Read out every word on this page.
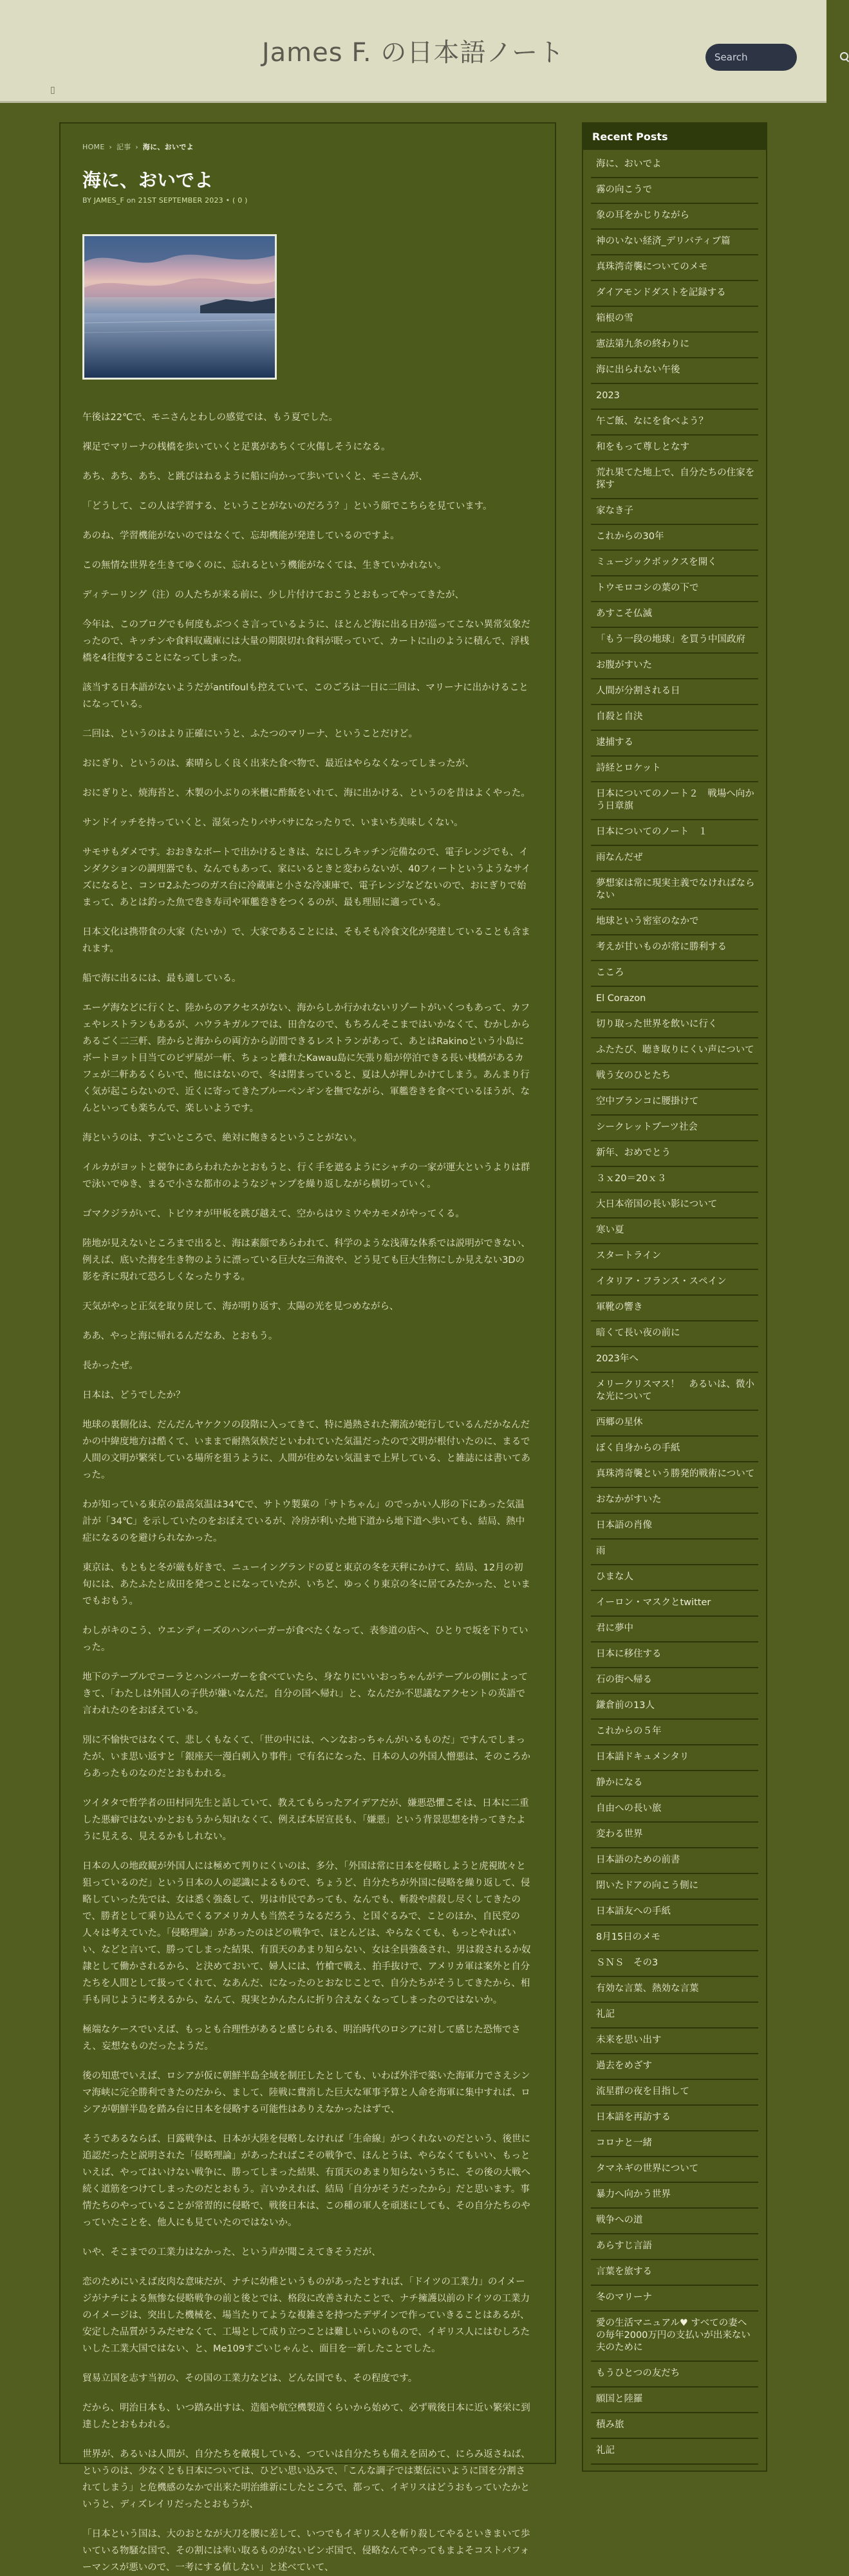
James F. の日本語ノート
Search
▯
HOME › 記事 › 海に、おいでよ
海に、おいでよ
BY JAMES_F on 21ST SEPTEMBER 2023 • ( 0 )

午後は22℃で、モニさんとわしの感覚では、もう夏でした。

裸足でマリーナの桟橋を歩いていくと足裏があちくて火傷しそうになる。

あち、あち、あち、と跳びはねるように船に向かって歩いていくと、モニさんが、

「どうして、この人は学習する、ということがないのだろう？」という顔でこちらを見ています。

あのね、学習機能がないのではなくて、忘却機能が発達しているのですよ。

この無情な世界を生きてゆくのに、忘れるという機能がなくては、生きていかれない。

ディテーリング（注）の人たちが来る前に、少し片付けておこうとおもってやってきたが、

今年は、このブログでも何度もぶつくさ言っているように、ほとんど海に出る日が巡ってこない異常気象だったので、キッチンや食料収蔵庫には大量の期限切れ食料が眠っていて、カートに山のように積んで、浮桟橋を4往復することになってしまった。

該当する日本語がないようだがantifoulも控えていて、このごろは一日に二回は、マリーナに出かけることになっている。

二回は、というのはより正確にいうと、ふたつのマリーナ、ということだけど。

おにぎり、というのは、素晴らしく良く出来た食べ物で、最近はやらなくなってしまったが、

おにぎりと、焼海苔と、木製の小ぶりの米櫃に酢飯をいれて、海に出かける、というのを昔はよくやった。

サンドイッチを持っていくと、湿気ったりパサパサになったりで、いまいち美味しくない。

サモサもダメです。おおきなボートで出かけるときは、なにしろキッチン完備なので、電子レンジでも、インダクションの調理器でも、なんでもあって、家にいるときと変わらないが、40フィートというようなサイズになると、コンロ2ふたつのガス台に冷蔵庫と小さな冷凍庫で、電子レンジなどないので、おにぎりで始まって、あとは釣った魚で巻き寿司や軍艦巻きをつくるのが、最も理屈に適っている。

日本文化は携帯食の大家（たいか）で、大家であることには、そもそも冷食文化が発達していることも含まれます。

船で海に出るには、最も適している。

エーゲ海などに行くと、陸からのアクセスがない、海からしか行かれないリゾートがいくつもあって、カフェやレストランもあるが、ハウラキガルフでは、田舎なので、もちろんそこまではいかなくて、むかしからあるごく二三軒、陸からと海からの両方から訪問できるレストランがあって、あとはRakinoという小島にボートヨット目当てのピザ屋が一軒、ちょっと離れたKawau島に矢張り船が停泊できる長い桟橋があるカフェが二軒あるくらいで、他にはないので、冬は閉まっていると、夏は人が押しかけてしまう。あんまり行く気が起こらないので、近くに寄ってきたブルーペンギンを撫でながら、軍艦巻きを食べているほうが、なんといっても楽ちんで、楽しいようです。

海というのは、すごいところで、絶対に飽きるということがない。

イルカがヨットと競争にあらわれたかとおもうと、行く手を遮るようにシャチの一家が運大というよりは群で泳いでゆき、まるで小さな都市のようなジャンプを繰り返しながら横切っていく。

ゴマクジラがいて、トビウオが甲板を跳び越えて、空からはウミウやカモメがやってくる。

陸地が見えないところまで出ると、海は素顔であらわれて、科学のような浅薄な体系では説明ができない、例えば、底いた海を生き物のように漂っている巨大な三角波や、どう見ても巨大生物にしか見えない3Dの影を斉に現れて恐ろしくなったりする。

天気がやっと正気を取り戻して、海が明り返す、太陽の光を見つめながら、

ああ、やっと海に帰れるんだなあ、とおもう。

長かったぜ。

日本は、どうでしたか？

地球の裏側化は、だんだんヤケクソの段階に入ってきて、特に過熱された潮流が蛇行しているんだかなんだかの中緯度地方は酷くて、いままで耐熱気候だといわれていた気温だったので文明が根付いたのに、まるで人間の文明が繁栄している場所を狙うように、人間が住めない気温まで上昇している、と雑誌には書いてあった。

わが知っている東京の最高気温は34℃で、サトウ製菓の「サトちゃん」のでっかい人形の下にあった気温計が「34℃」を示していたのをおぼえているが、冷房が利いた地下道から地下道へ歩いても、結局、熱中症になるのを避けられなかった。

東京は、もともと冬が厳も好きで、ニューイングランドの夏と東京の冬を天秤にかけて、結局、12月の初旬には、あたふたと成田を発つことになっていたが、いちど、ゆっくり東京の冬に居てみたかった、といまでもおもう。

わしがキのこう、ウエンディーズのハンバーガーが食べたくなって、表参道の店へ、ひとりで坂を下りていった。

地下のテーブルでコーラとハンバーガーを食べていたら、身なりにいいおっちゃんがテーブルの側によってきて、「わたしは外国人の子供が嫌いなんだ。自分の国へ帰れ」と、なんだか不思議なアクセントの英語で言われたのをおぼえている。

別に不愉快ではなくて、悲しくもなくて、「世の中には、ヘンなおっちゃんがいるものだ」ですんでしまったが、いま思い返すと「銀座天一漫白刺入り事件」で有名になった、日本の人の外国人憎悪は、そのころからあったものなのだとおもわれる。

ツイタタで哲学者の田村同先生と話していて、教えてもらったアイデアだが、嫌悪恐懼こそは、日本に二重した悪癖ではないかとおもうから知れなくて、例えば本居宣長も、「嫌悪」という背景思想を持ってきたように見える、見えるかもしれない。

日本の人の地政観が外国人には極めて判りにくいのは、多分、「外国は常に日本を侵略しようと虎視眈々と狙っているのだ」という日本の人の認識によるもので、ちょうど、自分たちが外国に侵略を繰り返して、侵略していった先では、女は悉く強姦して、男は市民であっても、なんでも、斬殺や虐殺し尽くしてきたので、勝者として乗り込んでくるアメリカ人も当然そうなるだろう、と国ぐるみで、ことのほか、自民党の人々は考えていた。「侵略理論」があったのはどの戦争で、ほとんどは、やらなくても、もっとやればいい、などと言いて、勝ってしまった結果、有頂天のあまり知らない、女は全員強姦され、男は殺されるか奴隷として働かされるから、と決めておいて、婦人には、竹槍で戦え、拍手抜けで、アメリカ軍は案外と自分たちを人間として扱ってくれて、なあんだ、になったのとおなじことで、自分たちがそうしてきたから、相手も同じように考えるから、なんて、現実とかんたんに折り合えなくなってしまったのではないか。

極端なケースでいえば、もっとも合理性があると感じられる、明治時代のロシアに対して感じた恐怖でさえ、妄想なものだったようだ。

後の知恵でいえば、ロシアが仮に朝鮮半島全域を制圧したとしても、いわば外洋で築いた海軍力でさえシンマ海峡に完全勝利できたのだから、まして、陸戦に費消した巨大な軍事予算と人命を海軍に集中すれば、ロシアが朝鮮半島を踏み台に日本を侵略する可能性はありえなかったはずで、

そうであるならば、日露戦争は、日本が大陸を侵略しなければ「生命線」がつくれないのだという、後世に追認だったと説明された「侵略理論」があったればこその戦争で、ほんとうは、やらなくてもいい、もっといえば、やってはいけない戦争に、勝ってしまった結果、有頂天のあまり知らないうちに、その後の大戦へ続く道筋をつけてしまったのだとおもう。言いかえれば、結局「自分がそうだったから」だと思います。事情たちのやっていることが常習的に侵略で、戦後日本は、この種の軍人を頑迷にしても、その自分たちのやっていたことを、他人にも見ていたのではないか。

いや、そこまでの工業力はなかった、という声が聞こえてきそうだが、

恋のためにいえば皮肉な意味だが、ナチに幼稚というものがあったとすれば、「ドイツの工業力」のイメージがナチによる無惨な侵略戦争の前と後とでは、格段に改善されたことで、ナチ擁護以前のドイツの工業力のイメージは、突出した機械を、場当たりてような複雑さを持つたデザインで作っていきることはあるが、安定した品質がうみだせなくて、工場として成り立つことは難しいらいのもので、イギリス人にはむしろたいした工業大国ではない、と、Me109すごいじゃんと、面目を一新したことでした。

貿易立国を志す当初の、その国の工業力などは、どんな国でも、その程度です。

だから、明治日本も、いつ踏み出すは、造船や航空機製造くらいから始めて、必ず戦後日本に近い繁栄に到達したとおもわれる。

世界が、あるいは人間が、自分たちを敵視している、つていは自分たちも備えを固めて、にらみ返さねば、というのは、少なくとも日本については、ひどい思い込みで、「こんな調子では薬伝にいように国を分割されてしまう」と危機感のなかで出来た明治維新にしたところで、都って、イギリスはどうおもっていたかというと、ディズレイリだったとおもうが、

「日本という国は、大のおとなが大刀を腰に差して、いつでもイギリス人を斬り殺してやるといきまいて歩いている物騒な国で、その割には率い取るものがないビンボ国で、侵略なんてやってもまよそコストパフォーマンスが悪いので、一考にする値しない」と述べていて、

Recent Posts
海に、おいでよ
霧の向こうで
象の耳をかじりながら
神のいない経済_デリバティブ篇
真珠湾奇襲についてのメモ
ダイアモンドダストを記録する
箱根の雪
憲法第九条の終わりに
海に出られない午後
2023
午ご飯、なにを食べよう？
和をもって尊しとなす
荒れ果てた地上で、自分たちの住家を探す
家なき子
これからの30年
ミュージックボックスを開く
トウモロコシの葉の下で
あすこそ仏滅
「もう一段の地球」を買う中国政府
お腹がすいた
人間が分割される日
自殺と自決
逮捕する
詩経とロケット
日本についてのノート２　戦場へ向かう日章旗
日本についてのノート　１
雨なんだぜ
夢想家は常に現実主義でなければならない
地球という密室のなかで
考えが甘いものが常に勝利する
こころ
El Corazon
切り取った世界を飲いに行く
ふたたび、聴き取りにくい声について
戦う女のひとたち
空中ブランコに腰掛けて
シークレットブーツ社会
新年、おめでとう
３ｘ20＝20ｘ３
大日本帝国の長い影について
寒い夏
スタートライン
イタリア・フランス・スペイン
軍靴の響き
暗くて長い夜の前に
2023年へ
メリークリスマス！　あるいは、微小な光について
西郷の星休
ぼく自身からの手紙
真珠湾奇襲という勝発的戦術について
おなかがすいた
日本語の肖像
雨
ひまな人
イーロン・マスクとtwitter
君に夢中
日本に移住する
石の街へ帰る
鎌倉前の13人
これからの５年
日本語ドキュメンタリ
静かになる
自由への長い旅
変わる世界
日本語のための前書
閉いたドアの向こう側に
日本語友への手紙
8月15日のメモ
ＳＮＳ　その3
有効な言葉、熱効な言葉
礼記
未来を思い出す
過去をめざす
流星群の夜を目指して
日本語を再訪する
コロナと一緒
タマネギの世界について
暴力へ向かう世界
戦争への道
あらすじ言語
言葉を旅する
冬のマリーナ
愛の生活マニュアル♥ すべての妻への毎年2000万円の支払いが出来ない夫のために
もうひとつの友だち
願国と陸羅
積み旅
礼記
